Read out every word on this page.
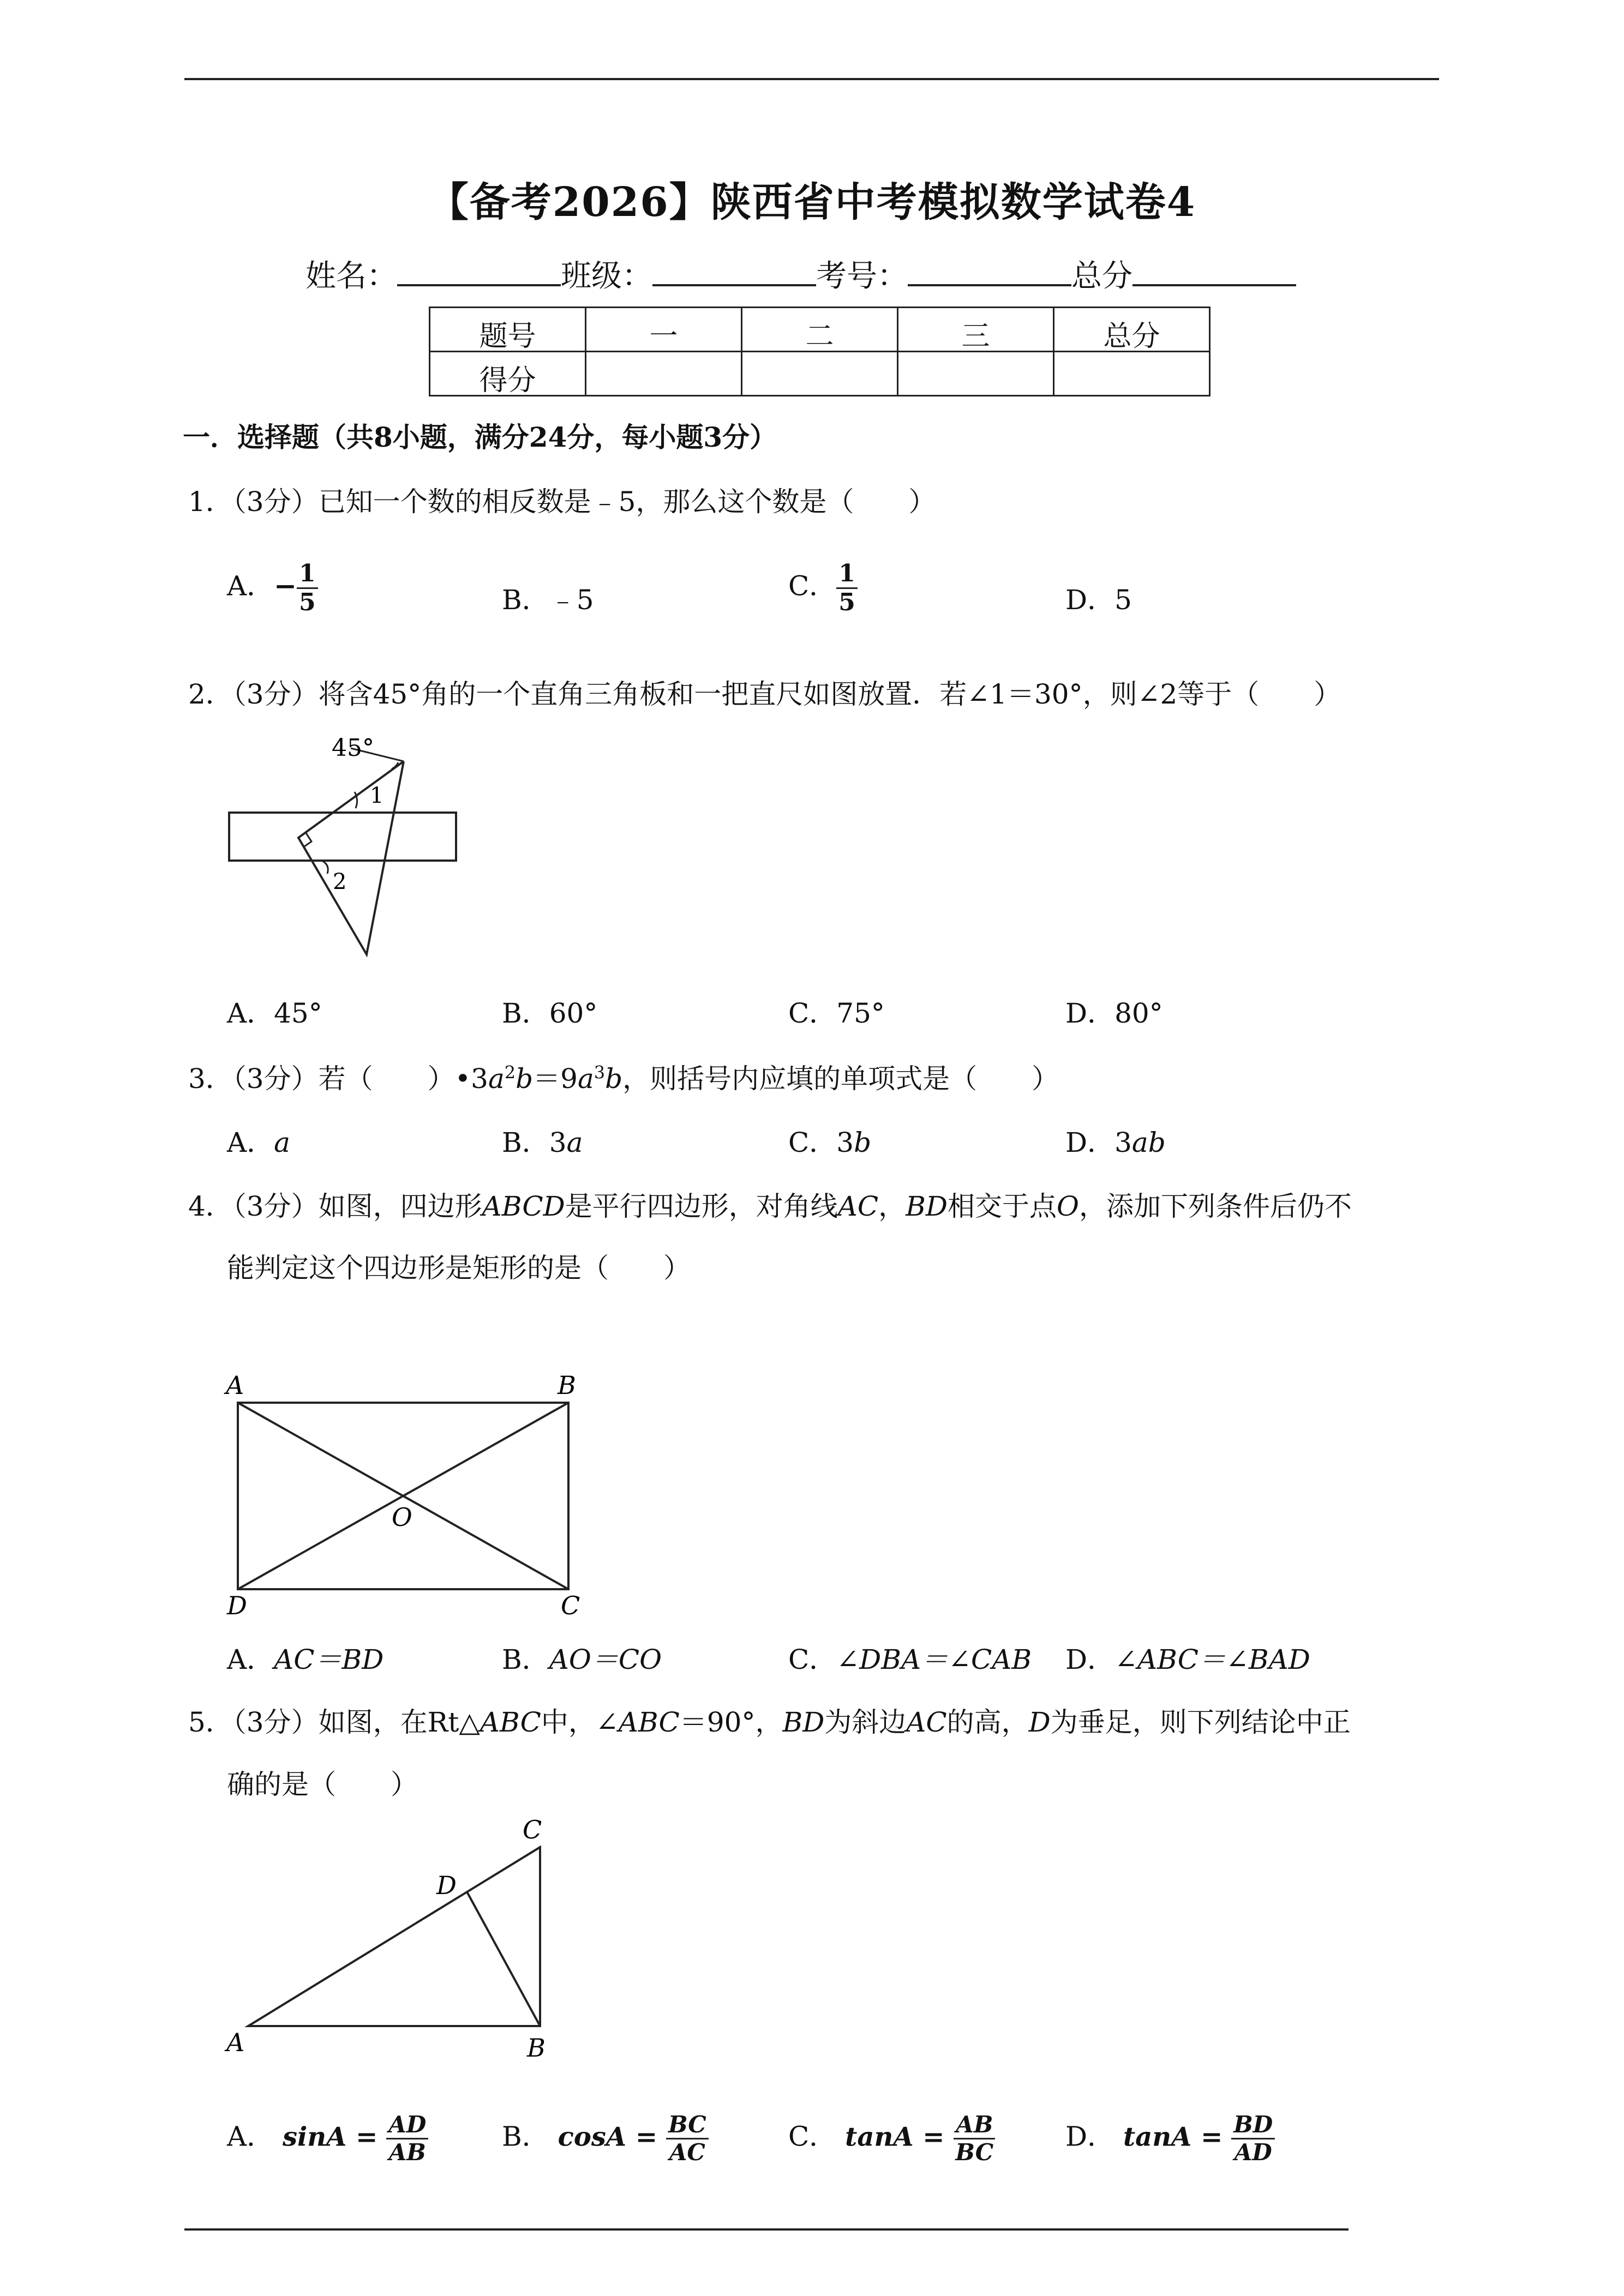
【备考2026】陕西省中考模拟数学试卷4
姓名：	班级：	考号：	总分
题号	一	二	三	总分
得分				
一．选择题（共8小题，满分24分，每小题3分）
1．（3分）已知一个数的相反数是﹣5，那么这个数是（　　）
A．− $\frac{1}{5}$	B．﹣5	C． $\frac{1}{5}$	D．5
2．（3分）将含45°角的一个直角三角板和一把直尺如图放置．若∠1＝30°，则∠2等于（　　）
45°
1
2
A．45°	B．60°	C．75°	D．80°
3．（3分）若（　　）$•3a^2b=9a^3b$，则括号内应填的单项式是（　　）
A．a	B．3a	C．3b	D．3ab
4．（3分）如图，四边形ABCD是平行四边形，对角线AC，BD相交于点O，添加下列条件后仍不
能判定这个四边形是矩形的是（　　）
A	B
C
D
O
A．AC＝BD	B．AO＝CO	C．∠DBA＝∠CAB D．∠ABC＝∠BAD
5．（3分）如图，在Rt△ABC中，∠ABC＝90°，BD为斜边AC的高，D为垂足，则下列结论中正
确的是（　　）
A	B
C
D
A． $\sin A = \frac{AD}{AB}$	B． $\cos A = \frac{BC}{AC}$	C． $\tan A = \frac{AB}{BC}$	D． $\tan A = \frac{BD}{AD}$
